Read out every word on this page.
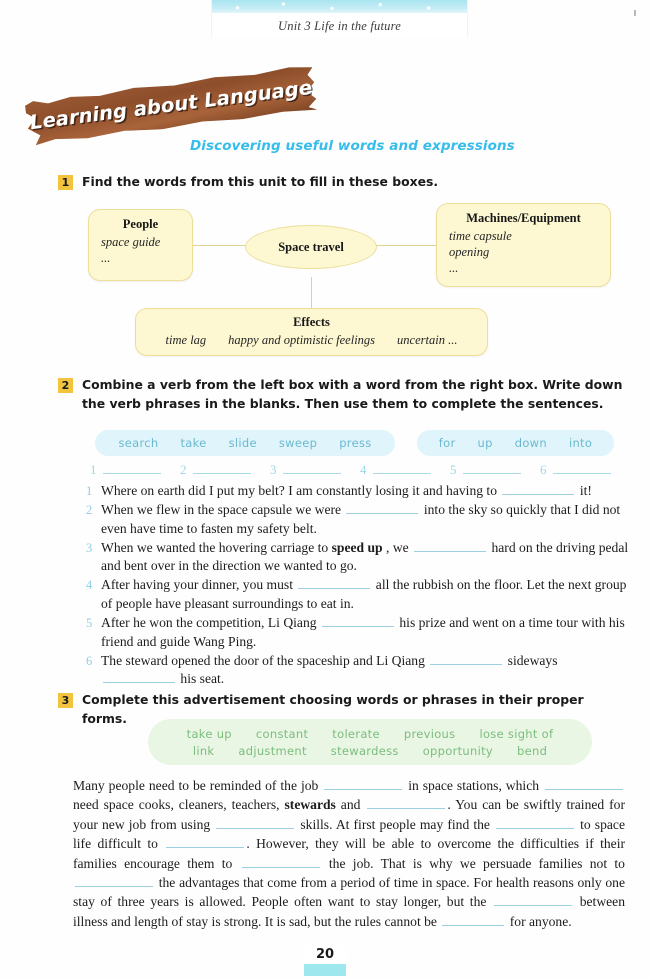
Unit 3 Life in the future
Learning about Language
Discovering useful words and expressions
1 Find the words from this unit to fill in these boxes.
People
space guide
...
Space travel
Machines/Equipment
time capsule
opening
...
Effects
time lag happy and optimistic feelings uncertain ...
2 Combine a verb from the left box with a word from the right box. Write down the verb phrases in the blanks. Then use them to complete the sentences.
search take slide sweep press	for up down into
1	2	3	4	5	6
1 Where on earth did I put my belt? I am constantly losing it and having to	it!
2 When we flew in the space capsule we were	into the sky so quickly that I did not even have time to fasten my safety belt.
3 When we wanted the hovering carriage to speed up , we	hard on the driving pedal and bent over in the direction we wanted to go.
4 After having your dinner, you must	all the rubbish on the floor. Let the next group of people have pleasant surroundings to eat in.
5 After he won the competition, Li Qiang	his prize and went on a time tour with his friend and guide Wang Ping.
6 The steward opened the door of the spaceship and Li Qiang	sideways  his seat.
3 Complete this advertisement choosing words or phrases in their proper forms.
take up constant tolerate previous lose sight of
link adjustment stewardess opportunity bend
Many people need to be reminded of the job	in space stations, which  need space cooks, cleaners, teachers, stewards and	. You can be swiftly trained for your new job from using	skills. At first people may find the	to space life difficult to	. However, they will be able to overcome the difficulties if their families encourage them to	the job. That is why we persuade families not to  the advantages that come from a period of time in space. For health reasons only one stay of three years is allowed. People often want to stay longer, but the	between illness and length of stay is strong. It is sad, but the rules cannot be	for anyone.
20
